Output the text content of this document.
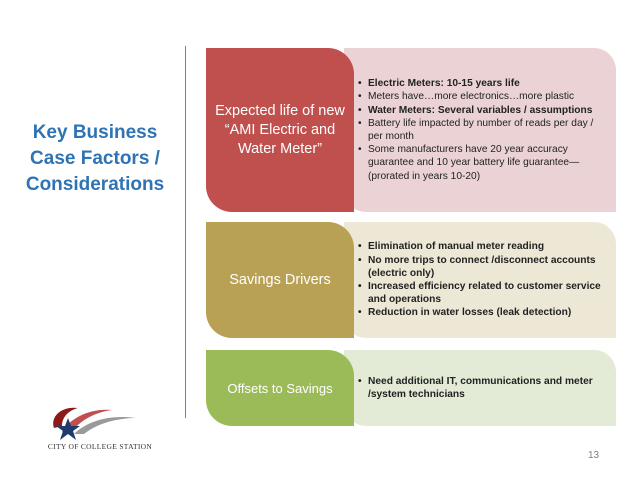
Key Business
Case Factors /
Considerations
• Electric Meters: 10-15 years life
• Meters have…more electronics…more plastic
• Water Meters: Several variables / assumptions
• Battery life impacted by number of reads per day / per month
• Some manufacturers have 20 year accuracy guarantee and 10 year battery life guarantee—(prorated in years 10-20)
Expected life of new “AMI Electric and Water Meter”
• Elimination of manual meter reading
• No more trips to connect /disconnect accounts (electric only)
• Increased efficiency related to customer service and operations
• Reduction in water losses (leak detection)
Savings Drivers
• Need additional IT, communications and meter /system technicians
Offsets to Savings
CITY OF COLLEGE STATION
13
